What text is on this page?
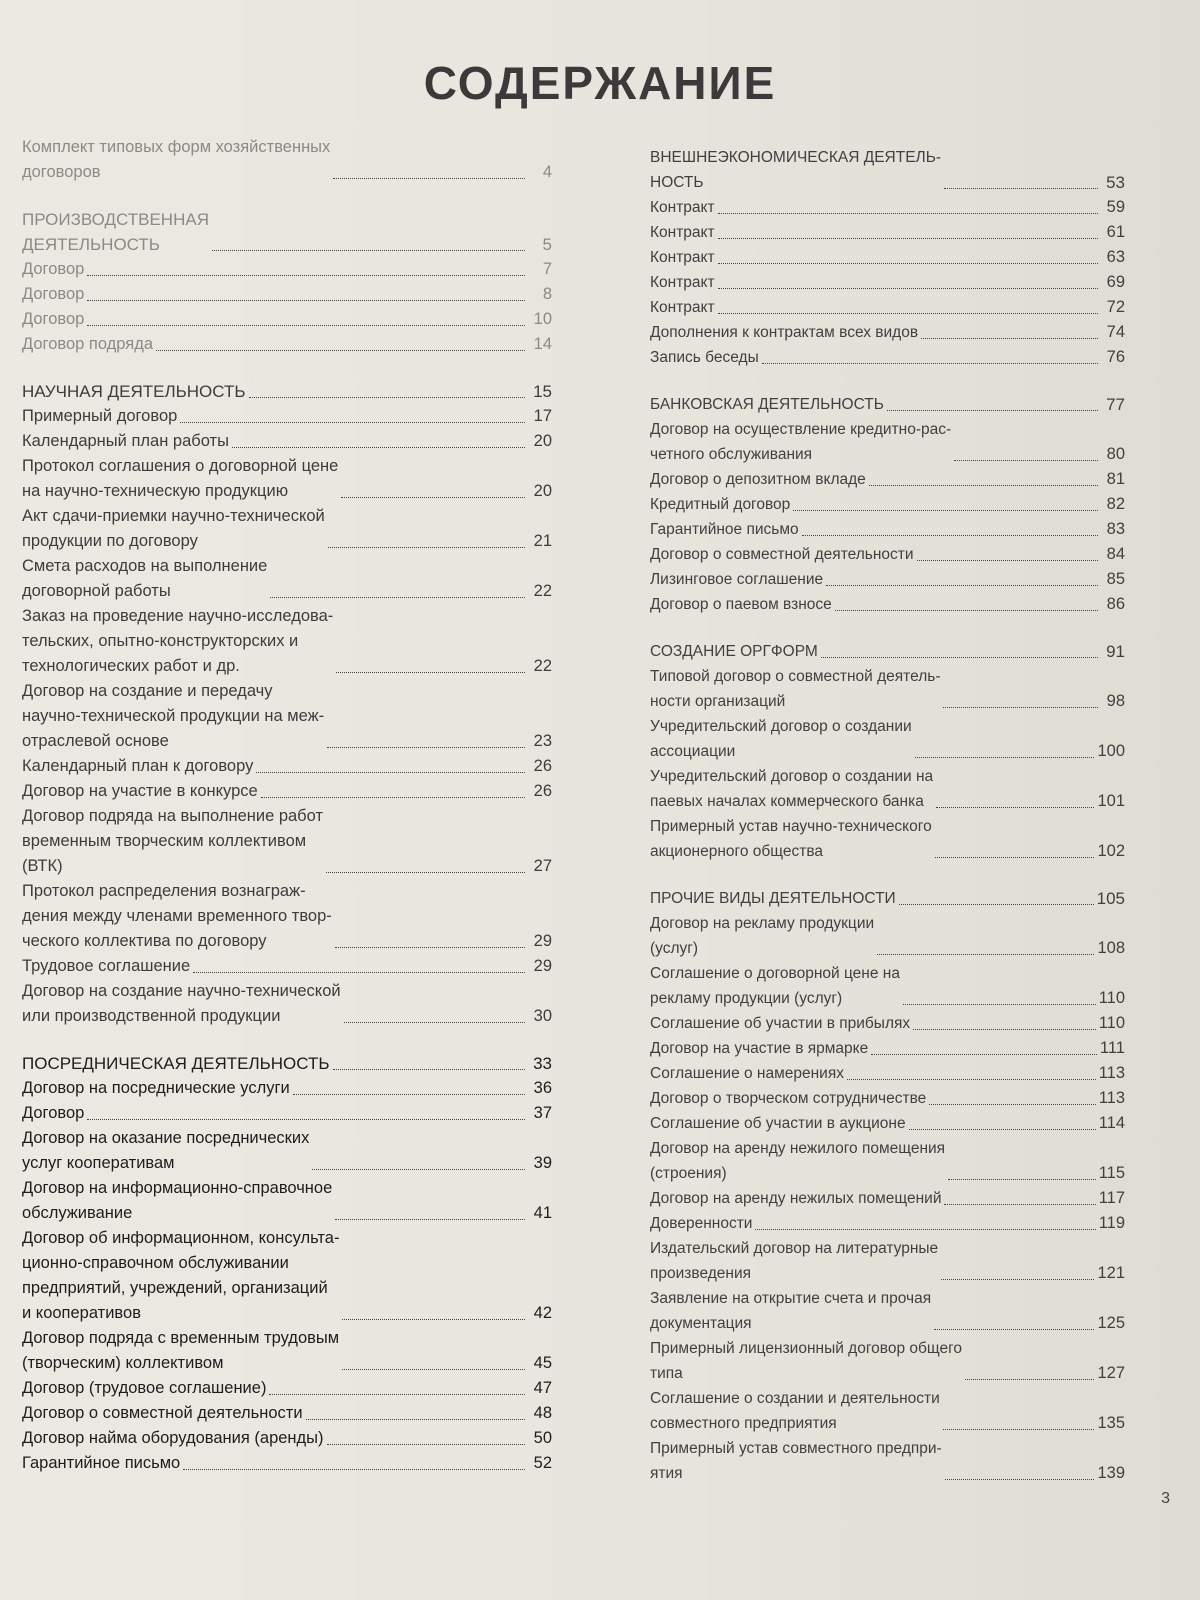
СОДЕРЖАНИЕ
Комплект типовых форм хозяйственных
договоров	4
ПРОИЗВОДСТВЕННАЯ
ДЕЯТЕЛЬНОСТЬ	5
Договор	7
Договор	8
Договор	10
Договор подряда	14
НАУЧНАЯ ДЕЯТЕЛЬНОСТЬ	15
Примерный договор	17
Календарный план работы	20
Протокол соглашения о договорной цене
на научно-техническую продукцию	20
Акт сдачи-приемки научно-технической
продукции по договору	21
Смета расходов на выполнение
договорной работы	22
Заказ на проведение научно-исследова-
тельских, опытно-конструкторских и
технологических работ и др.	22
Договор на создание и передачу
научно-технической продукции на меж-
отраслевой основе	23
Календарный план к договору	26
Договор на участие в конкурсе	26
Договор подряда на выполнение работ
временным творческим коллективом
(ВТК)	27
Протокол распределения вознаграж-
дения между членами временного твор-
ческого коллектива по договору	29
Трудовое соглашение	29
Договор на создание научно-технической
или производственной продукции	30
ПОСРЕДНИЧЕСКАЯ ДЕЯТЕЛЬНОСТЬ	33
Договор на посреднические услуги	36
Договор	37
Договор на оказание посреднических
услуг кооперативам	39
Договор на информационно-справочное
обслуживание	41
Договор об информационном, консульта-
ционно-справочном обслуживании
предприятий, учреждений, организаций
и кооперативов	42
Договор подряда с временным трудовым
(творческим) коллективом	45
Договор (трудовое соглашение)	47
Договор о совместной деятельности	48
Договор найма оборудования (аренды)	50
Гарантийное письмо	52
ВНЕШНЕЭКОНОМИЧЕСКАЯ ДЕЯТЕЛЬ-
НОСТЬ	53
Контракт	59
Контракт	61
Контракт	63
Контракт	69
Контракт	72
Дополнения к контрактам всех видов	74
Запись беседы	76
БАНКОВСКАЯ ДЕЯТЕЛЬНОСТЬ	77
Договор на осуществление кредитно-рас-
четного обслуживания	80
Договор о депозитном вкладе	81
Кредитный договор	82
Гарантийное письмо	83
Договор о совместной деятельности	84
Лизинговое соглашение	85
Договор о паевом взносе	86
СОЗДАНИЕ ОРГФОРМ	91
Типовой договор о совместной деятель-
ности организаций	98
Учредительский договор о создании
ассоциации	100
Учредительский договор о создании на
паевых началах коммерческого банка	101
Примерный устав научно-технического
акционерного общества	102
ПРОЧИЕ ВИДЫ ДЕЯТЕЛЬНОСТИ	105
Договор на рекламу продукции
(услуг)	108
Соглашение о договорной цене на
рекламу продукции (услуг)	110
Соглашение об участии в прибылях	110
Договор на участие в ярмарке	111
Соглашение о намерениях	113
Договор о творческом сотрудничестве	113
Соглашение об участии в аукционе	114
Договор на аренду нежилого помещения
(строения)	115
Договор на аренду нежилых помещений	117
Доверенности	119
Издательский договор на литературные
произведения	121
Заявление на открытие счета и прочая
документация	125
Примерный лицензионный договор общего
типа	127
Соглашение о создании и деятельности
совместного предприятия	135
Примерный устав совместного предпри-
ятия	139
3
